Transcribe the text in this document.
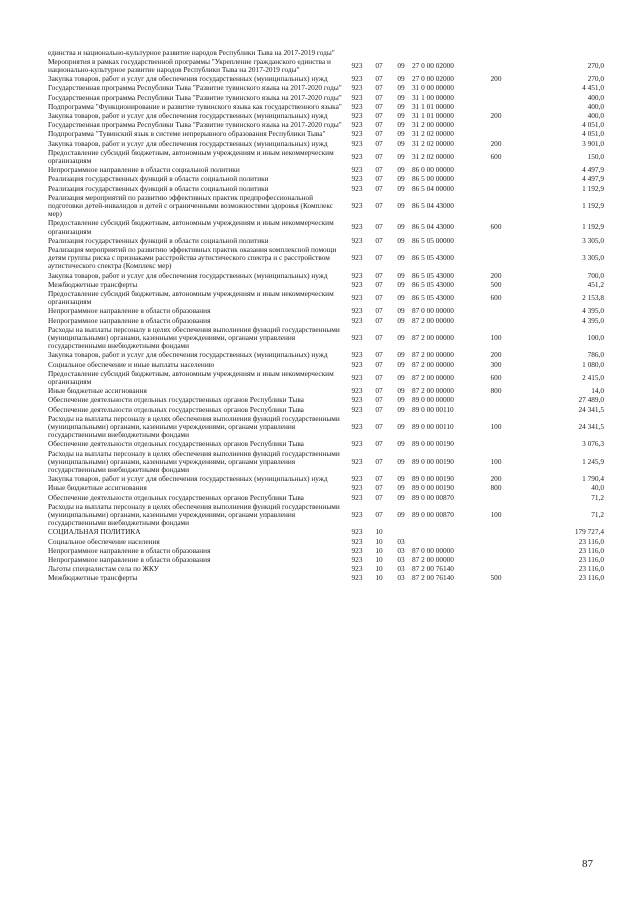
единства и национально-культурное развитие народов Республики Тыва на 2017-2019 годы"						
Мероприятия в рамках государственной программы "Укрепление гражданского единства и национально-культурное развитие народов Республики Тыва на 2017-2019 годы"	923	07	09	27 0 00 02000		270,0
Закупка товаров, работ и услуг для обеспечения государственных (муниципальных) нужд	923	07	09	27 0 00 02000	200	270,0
Государственная программа Республики Тыва "Развитие тувинского языка на 2017-2020 годы"	923	07	09	31 0 00 00000		4 451,0
Государственная программа Республики Тыва "Развитие тувинского языка на 2017-2020 годы"	923	07	09	31 1 00 00000		400,0
Подпрограмма "Функционирование и развитие тувинского языка как государственного языка"	923	07	09	31 1 01 00000		400,0
Закупка товаров, работ и услуг для обеспечения государственных (муниципальных) нужд	923	07	09	31 1 01 00000	200	400,0
Государственная программа Республики Тыва "Развитие тувинского языка на 2017-2020 годы"	923	07	09	31 2 00 00000		4 051,0
Подпрограмма "Тувинский язык в системе непрерывного образования Республики Тыва"	923	07	09	31 2 02 00000		4 051,0
Закупка товаров, работ и услуг для обеспечения государственных (муниципальных) нужд	923	07	09	31 2 02 00000	200	3 901,0
Предоставление субсидий бюджетным, автономным учреждениям и иным некоммерческим организациям	923	07	09	31 2 02 00000	600	150,0
Непрограммное направление в области социальной политики	923	07	09	86 0 00 00000		4 497,9
Реализация государственных функций в области социальной политики	923	07	09	86 5 00 00000		4 497,9
Реализация государственных функций в области социальной политики	923	07	09	86 5 04 00000		1 192,9
Реализация мероприятий по развитию эффективных практик предпрофессиональной подготовки детей-инвалидов и детей с ограниченными возможностями здоровья (Комплекс мер)	923	07	09	86 5 04 43000		1 192,9
Предоставление субсидий бюджетным, автономным учреждениям и иным некоммерческим организациям	923	07	09	86 5 04 43000	600	1 192,9
Реализация государственных функций в области социальной политики	923	07	09	86 5 05 00000		3 305,0
Реализация мероприятий по развитию эффективных практик оказания комплексной помощи детям группы риска с признаками расстройства аутистического спектра и с расстройством аутистического спектра (Комплекс мер)	923	07	09	86 5 05 43000		3 305,0
Закупка товаров, работ и услуг для обеспечения государственных (муниципальных) нужд	923	07	09	86 5 05 43000	200	700,0
Межбюджетные трансферты	923	07	09	86 5 05 43000	500	451,2
Предоставление субсидий бюджетным, автономным учреждениям и иным некоммерческим организациям	923	07	09	86 5 05 43000	600	2 153,8
Непрограммное направление в области образования	923	07	09	87 0 00 00000		4 395,0
Непрограммное направление в области образования	923	07	09	87 2 00 00000		4 395,0
Расходы на выплаты персоналу в целях обеспечения выполнения функций государственными (муниципальными) органами, казенными учреждениями, органами управления государственными внебюджетными фондами	923	07	09	87 2 00 00000	100	100,0
Закупка товаров, работ и услуг для обеспечения государственных (муниципальных) нужд	923	07	09	87 2 00 00000	200	786,0
Социальное обеспечение и иные выплаты населению	923	07	09	87 2 00 00000	300	1 080,0
Предоставление субсидий бюджетным, автономным учреждениям и иным некоммерческим организациям	923	07	09	87 2 00 00000	600	2 415,0
Иные бюджетные ассигнования	923	07	09	87 2 00 00000	800	14,0
Обеспечение деятельности отдельных государственных органов Республики Тыва	923	07	09	89 0 00 00000		27 489,0
Обеспечение деятельности отдельных государственных органов Республики Тыва	923	07	09	89 0 00 00110		24 341,5
Расходы на выплаты персоналу в целях обеспечения выполнения функций государственными (муниципальными) органами, казенными учреждениями, органами управления государственными внебюджетными фондами	923	07	09	89 0 00 00110	100	24 341,5
Обеспечение деятельности отдельных государственных органов Республики Тыва	923	07	09	89 0 00 00190		3 076,3
Расходы на выплаты персоналу в целях обеспечения выполнения функций государственными (муниципальными) органами, казенными учреждениями, органами управления государственными внебюджетными фондами	923	07	09	89 0 00 00190	100	1 245,9
Закупка товаров, работ и услуг для обеспечения государственных (муниципальных) нужд	923	07	09	89 0 00 00190	200	1 790,4
Иные бюджетные ассигнования	923	07	09	89 0 00 00190	800	40,0
Обеспечение деятельности отдельных государственных органов Республики Тыва	923	07	09	89 0 00 00870		71,2
Расходы на выплаты персоналу в целях обеспечения выполнения функций государственными (муниципальными) органами, казенными учреждениями, органами управления государственными внебюджетными фондами	923	07	09	89 0 00 00870	100	71,2
СОЦИАЛЬНАЯ ПОЛИТИКА	923	10				179 727,4
Социальное обеспечение населения	923	10	03			23 116,0
Непрограммное направление в области образования	923	10	03	87 0 00 00000		23 116,0
Непрограммное направление в области образования	923	10	03	87 2 00 00000		23 116,0
Льготы специалистам села по ЖКУ	923	10	03	87 2 00 76140		23 116,0
Межбюджетные трансферты	923	10	03	87 2 00 76140	500	23 116,0
87
